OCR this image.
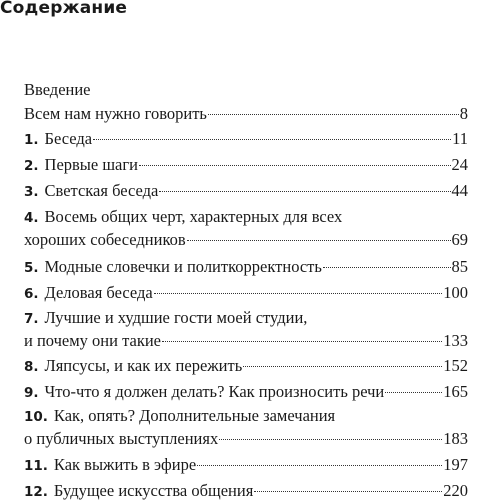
Содержание
Введение
Всем нам нужно говорить	8
1. Беседа	11
2. Первые шаги	24
3. Светская беседа	44
4. Восемь общих черт, характерных для всех
хороших собеседников	69
5. Модные словечки и политкорректность	85
6. Деловая беседа	100
7. Лучшие и худшие гости моей студии,
и почему они такие	133
8. Ляпсусы, и как их пережить	152
9. Что-что я должен делать? Как произносить речи	165
10. Как, опять? Дополнительные замечания
о публичных выступлениях	183
11. Как выжить в эфире	197
12. Будущее искусства общения	220
